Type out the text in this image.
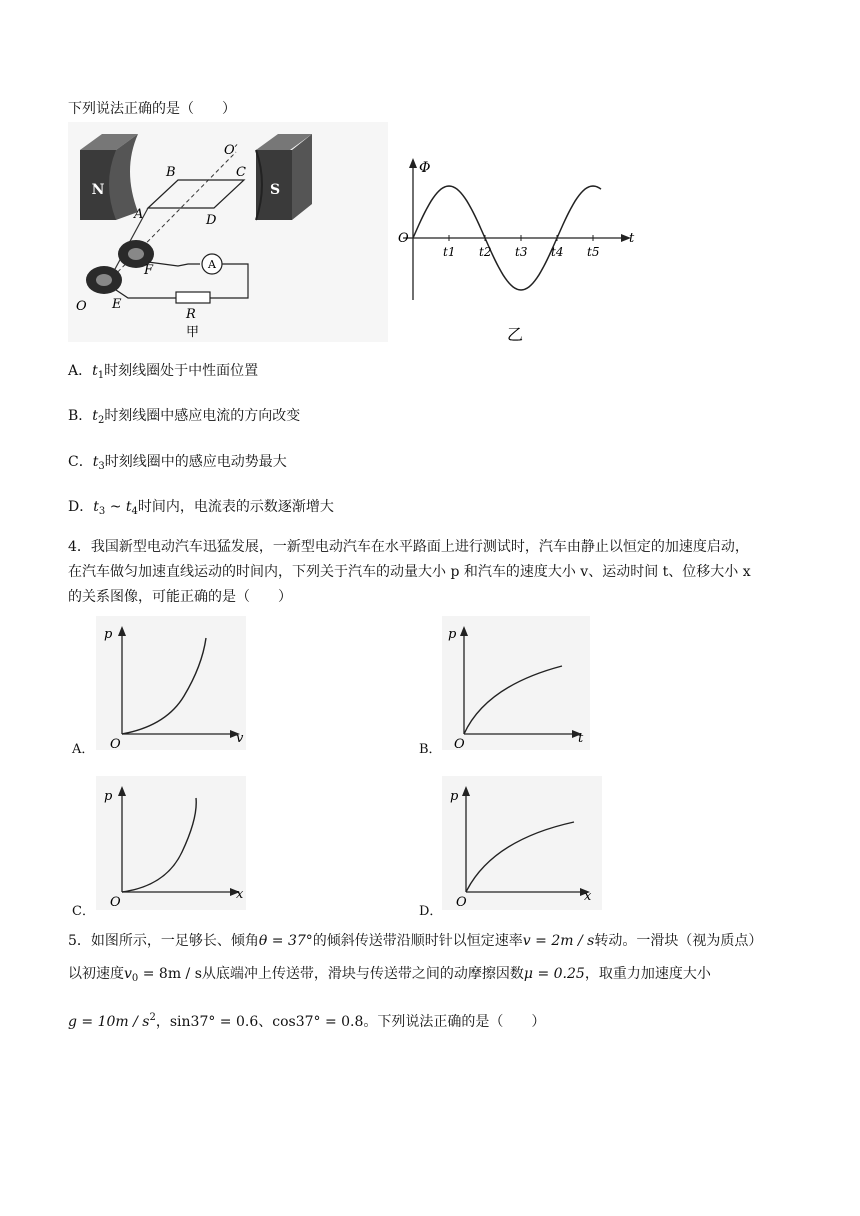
下列说法正确的是（　　）
N	S
A
B	C
A	D
O′
F
E
O
R
甲
t1 t2 t3 t4 t5
Φ
t
O
乙
A．$t_1$时刻线圈处于中性面位置
B．$t_2$时刻线圈中感应电流的方向改变
C．$t_3$时刻线圈中的感应电动势最大
D．$t_3$ ~ $t_4$时间内，电流表的示数逐渐增大
4．我国新型电动汽车迅猛发展，一新型电动汽车在水平路面上进行测试时，汽车由静止以恒定的加速度启动，
在汽车做匀加速直线运动的时间内，下列关于汽车的动量大小 p 和汽车的速度大小 v、运动时间 t、位移大小 x
的关系图像，可能正确的是（　　）
A．
p
v
O	B．
p
t
O
C．
p
x
O
D．
p
x
O
5．如图所示，一足够长、倾角θ = 37°的倾斜传送带沿顺时针以恒定速率v = 2m / s转动。一滑块（视为质点）
以初速度$v_0 = 8m / s$从底端冲上传送带，滑块与传送带之间的动摩擦因数μ = 0.25，取重力加速度大小
$g = 10m / s^2$，sin37° = 0.6、cos37° = 0.8。下列说法正确的是（　　）
